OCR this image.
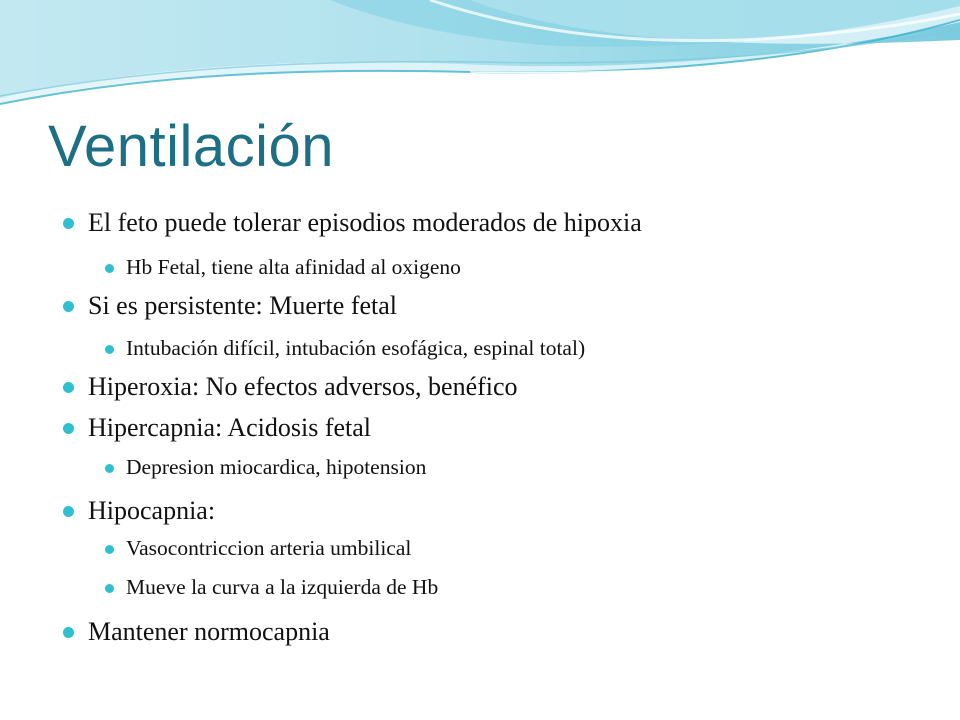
Ventilación
El feto puede tolerar episodios moderados de hipoxia
Hb Fetal, tiene alta afinidad al oxigeno
Si es persistente: Muerte fetal
Intubación difícil, intubación esofágica, espinal total)
Hiperoxia: No efectos adversos, benéfico
Hipercapnia: Acidosis fetal
Depresion miocardica, hipotension
Hipocapnia:
Vasocontriccion arteria umbilical
Mueve la curva a la izquierda de Hb
Mantener normocapnia
